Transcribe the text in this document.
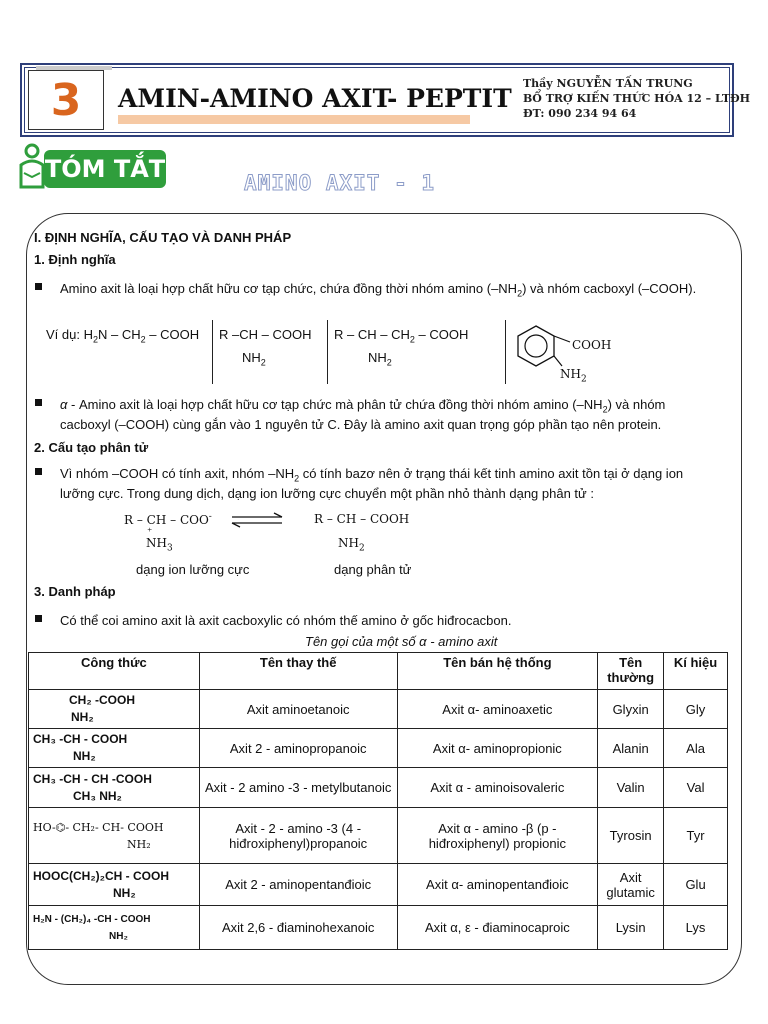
3 AMIN-AMINO AXIT- PEPTIT
Thầy NGUYỄN TẤN TRUNG
BỔ TRỢ KIẾN THỨC HÓA 12 – LTĐH
ĐT: 090 234 94 64
TÓM TẮT	AMINO AXIT - 1
I. ĐỊNH NGHĨA, CẤU TẠO VÀ DANH PHÁP
1. Định nghĩa
Amino axit là loại hợp chất hữu cơ tạp chức, chứa đồng thời nhóm amino $(-NH_2)$ và nhóm cacboxyl (–COOH).
Ví dụ: $H_2N - CH_2$ – COOH R –CH – COOH
$NH_2$
R – CH – $CH_2$ – COOH
$NH_2$
COOH
$NH_2$
α - Amino axit là loại hợp chất hữu cơ tạp chức mà phân tử chứa đồng thời nhóm amino $(-NH_2)$ và nhóm
cacboxyl (–COOH) cùng gắn vào 1 nguyên tử C. Đây là amino axit quan trọng góp phần tạo nên protein.
2. Cấu tạo phân tử
Vì nhóm –COOH có tính axit, nhóm $-NH_2$ có tính bazơ nên ở trạng thái kết tinh amino axit tồn tại ở dạng ion
lưỡng cực. Trong dung dịch, dạng ion lưỡng cực chuyển một phần nhỏ thành dạng phân tử :
R – CH – COO-
⁺
$NH_3$
R – CH – COOH
$NH_2$
dạng ion lưỡng cực	dạng phân tử
3. Danh pháp
Có thể coi amino axit là axit cacboxylic có nhóm thế amino ở gốc hiđrocacbon.
Tên gọi của một số α - amino axit
Công thức	Tên thay thế	Tên bán hệ thống	Tên thường	Kí hiệu

CH₂ -COOH
NH₂	Axit aminoetanoic	Axit α- aminoaxetic	Glyxin	Gly

CH₃ -CH - COOH
NH₂	Axit 2 - aminopropanoic	Axit α- aminopropionic	Alanin	Ala

CH₃ -CH - CH -COOH
CH₃ NH₂	Axit - 2 amino -3 - metylbutanoic	Axit α - aminoisovaleric	Valin	Val

HO-⌬- CH₂- CH- COOH
NH₂	Axit - 2 - amino -3 (4 - hiđroxiphenyl)propanoic	Axit α - amino -β (p - hiđroxiphenyl) propionic	Tyrosin	Tyr

HOOC(CH₂)₂CH - COOH
NH₂	Axit 2 - aminopentanđioic	Axit α- aminopentanđioic	Axit glutamic	Glu

H₂N - (CH₂)₄ -CH - COOH
NH₂	Axit 2,6 - điaminohexanoic	Axit α, ε - điaminocaproic	Lysin	Lys
